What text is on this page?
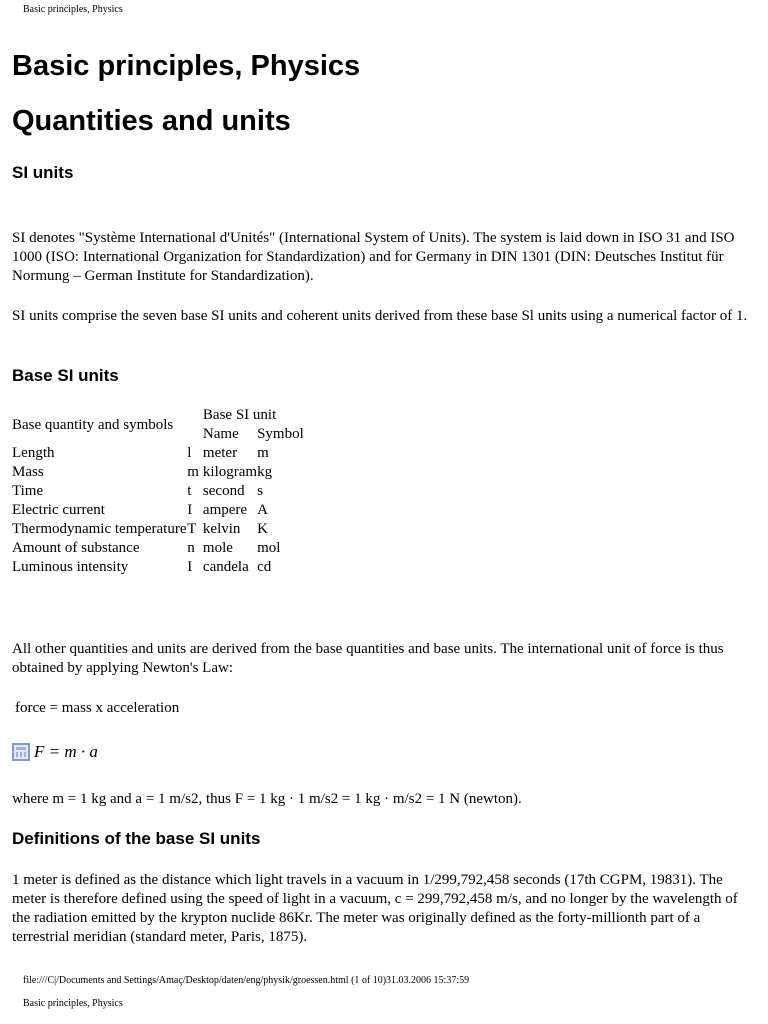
Basic principles, Physics
Basic principles, Physics
Quantities and units
SI units
SI denotes "Système International d'Unités" (International System of Units). The system is laid down in ISO 31 and ISO 1000 (ISO: International Organization for Standardization) and for Germany in DIN 1301 (DIN: Deutsches Institut für Normung – German Institute for Standardization).
SI units comprise the seven base SI units and coherent units derived from these base Sl units using a numerical factor of 1.
Base SI units
Base quantity and symbols		Base SI unit	
		Name	Symbol
Length	l	meter	m
Mass	m	kilogram	kg
Time	t	second	s
Electric current	I	ampere	A
Thermodynamic temperature	T	kelvin	K
Amount of substance	n	mole	mol
Luminous intensity	I	candela	cd
All other quantities and units are derived from the base quantities and base units. The international unit of force is thus obtained by applying Newton's Law:
force = mass x acceleration
F = m · a
where m = 1 kg and a = 1 m/s2, thus F = 1 kg · 1 m/s2 = 1 kg · m/s2 = 1 N (newton).
Definitions of the base SI units
1 meter is defined as the distance which light travels in a vacuum in 1/299,792,458 seconds (17th CGPM, 19831). The meter is therefore defined using the speed of light in a vacuum, c = 299,792,458 m/s, and no longer by the wavelength of the radiation emitted by the krypton nuclide 86Kr. The meter was originally defined as the forty-millionth part of a terrestrial meridian (standard meter, Paris, 1875).
file:///C|/Documents and Settings/Amaç/Desktop/daten/eng/physik/groessen.html (1 of 10)31.03.2006 15:37:59
Basic principles, Physics
